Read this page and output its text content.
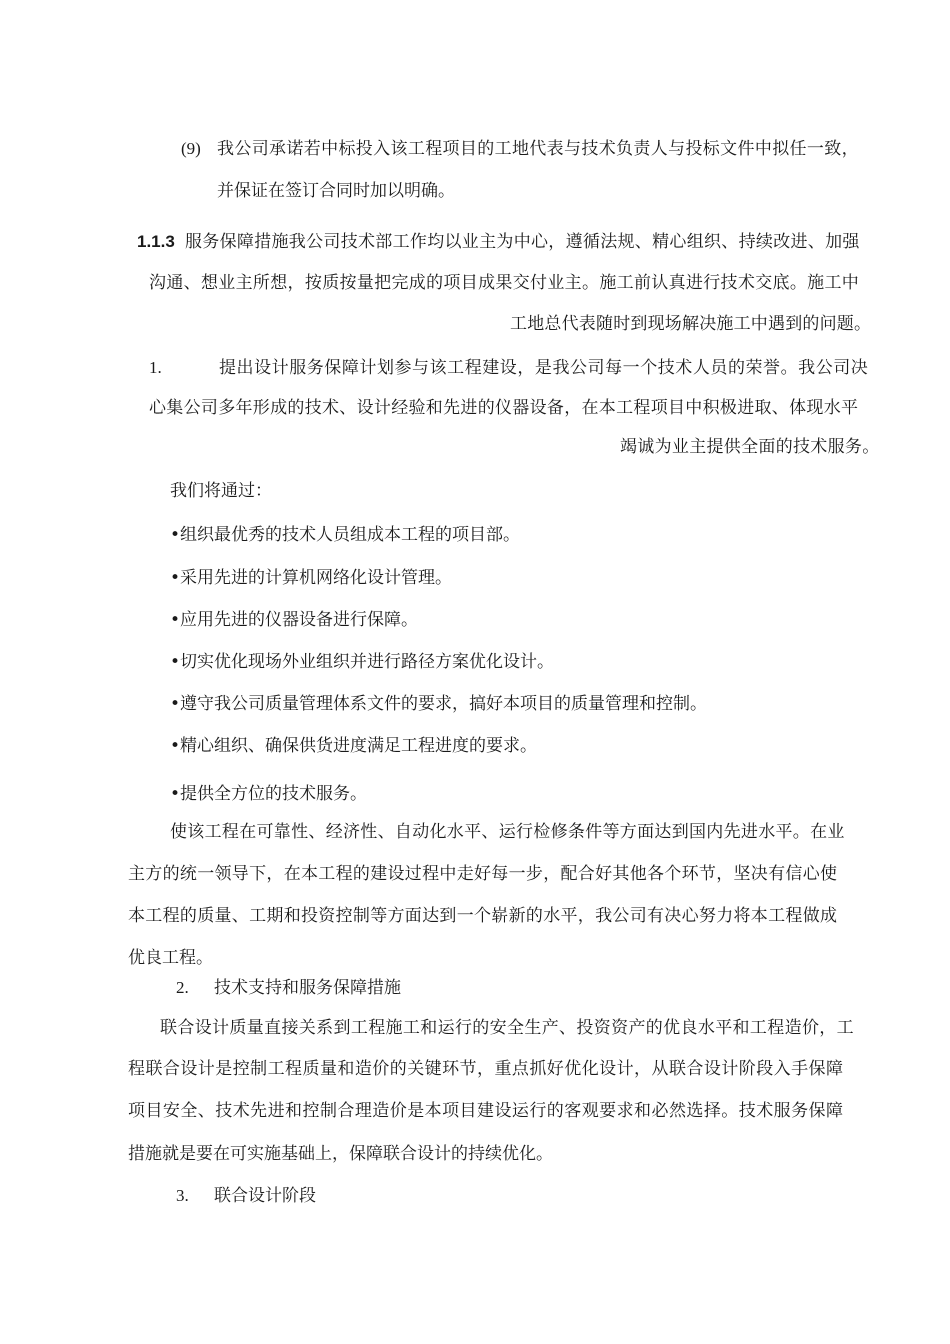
(9) 我公司承诺若中标投入该工程项目的工地代表与技术负责人与投标文件中拟任一致，
并保证在签订合同时加以明确。
1.1.3 服务保障措施我公司技术部工作均以业主为中心，遵循法规、精心组织、持续改进、加强
沟通、想业主所想，按质按量把完成的项目成果交付业主。施工前认真进行技术交底。施工中
工地总代表随时到现场解决施工中遇到的问题。
1.	提出设计服务保障计划参与该工程建设，是我公司每一个技术人员的荣誉。我公司决
心集公司多年形成的技术、设计经验和先进的仪器设备，在本工程项目中积极进取、体现水平
竭诚为业主提供全面的技术服务。
我们将通过：
•组织最优秀的技术人员组成本工程的项目部。
•采用先进的计算机网络化设计管理。
•应用先进的仪器设备进行保障。
•切实优化现场外业组织并进行路径方案优化设计。
•遵守我公司质量管理体系文件的要求，搞好本项目的质量管理和控制。
•精心组织、确保供货进度满足工程进度的要求。
•提供全方位的技术服务。
使该工程在可靠性、经济性、自动化水平、运行检修条件等方面达到国内先进水平。在业
主方的统一领导下，在本工程的建设过程中走好每一步，配合好其他各个环节，坚决有信心使
本工程的质量、工期和投资控制等方面达到一个崭新的水平，我公司有决心努力将本工程做成
优良工程。
2. 技术支持和服务保障措施
联合设计质量直接关系到工程施工和运行的安全生产、投资资产的优良水平和工程造价，工
程联合设计是控制工程质量和造价的关键环节，重点抓好优化设计，从联合设计阶段入手保障
项目安全、技术先进和控制合理造价是本项目建设运行的客观要求和必然选择。技术服务保障
措施就是要在可实施基础上，保障联合设计的持续优化。
3. 联合设计阶段
